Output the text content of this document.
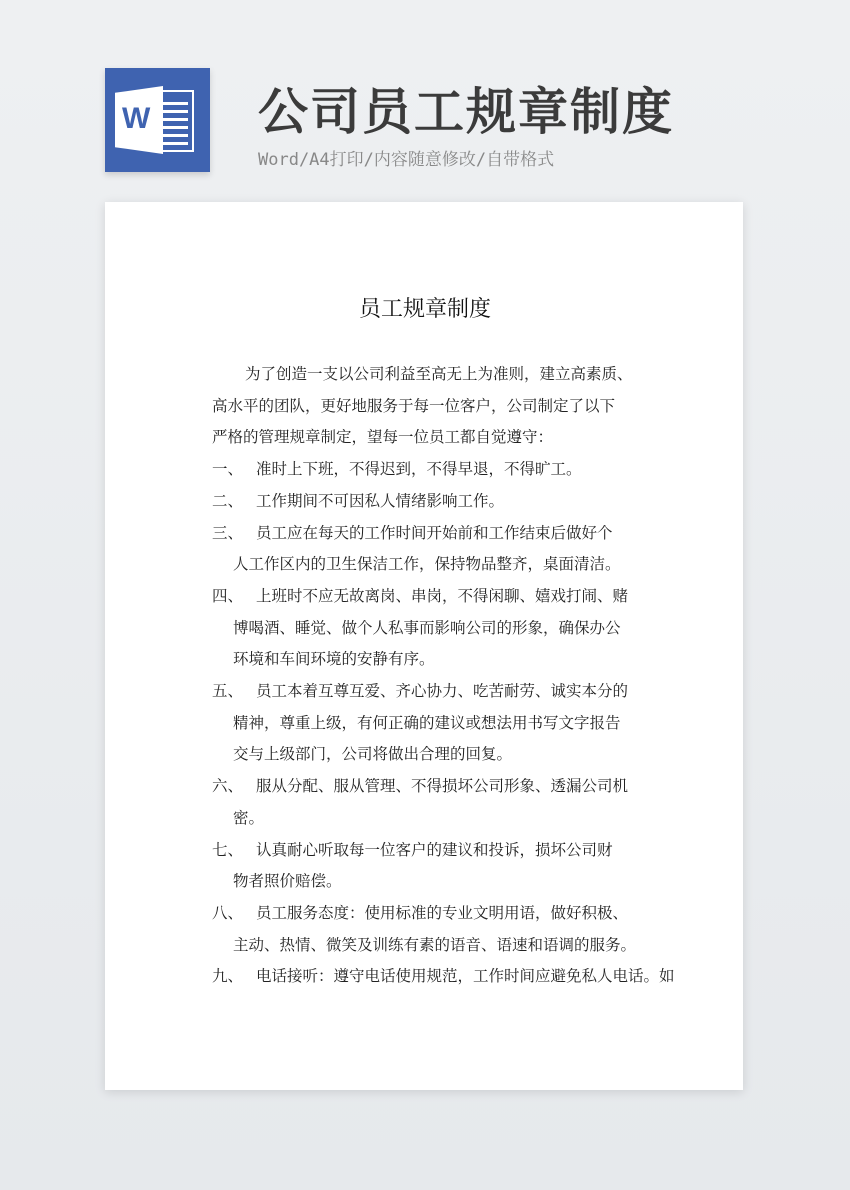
W 公司员工规章制度
Word/A4打印/内容随意修改/自带格式
员工规章制度
为了创造一支以公司利益至高无上为准则，建立高素质、
高水平的团队，更好地服务于每一位客户，公司制定了以下
严格的管理规章制定，望每一位员工都自觉遵守：
一、 准时上下班，不得迟到，不得早退，不得旷工。
二、 工作期间不可因私人情绪影响工作。
三、 员工应在每天的工作时间开始前和工作结束后做好个
人工作区内的卫生保洁工作，保持物品整齐，桌面清洁。
四、 上班时不应无故离岗、串岗，不得闲聊、嬉戏打闹、赌
博喝酒、睡觉、做个人私事而影响公司的形象，确保办公
环境和车间环境的安静有序。
五、 员工本着互尊互爱、齐心协力、吃苦耐劳、诚实本分的
精神，尊重上级，有何正确的建议或想法用书写文字报告
交与上级部门，公司将做出合理的回复。
六、 服从分配、服从管理、不得损坏公司形象、透漏公司机
密。
七、 认真耐心听取每一位客户的建议和投诉，损坏公司财
物者照价赔偿。
八、 员工服务态度：使用标准的专业文明用语，做好积极、
主动、热情、微笑及训练有素的语音、语速和语调的服务。
九、 电话接听：遵守电话使用规范，工作时间应避免私人电话。如
